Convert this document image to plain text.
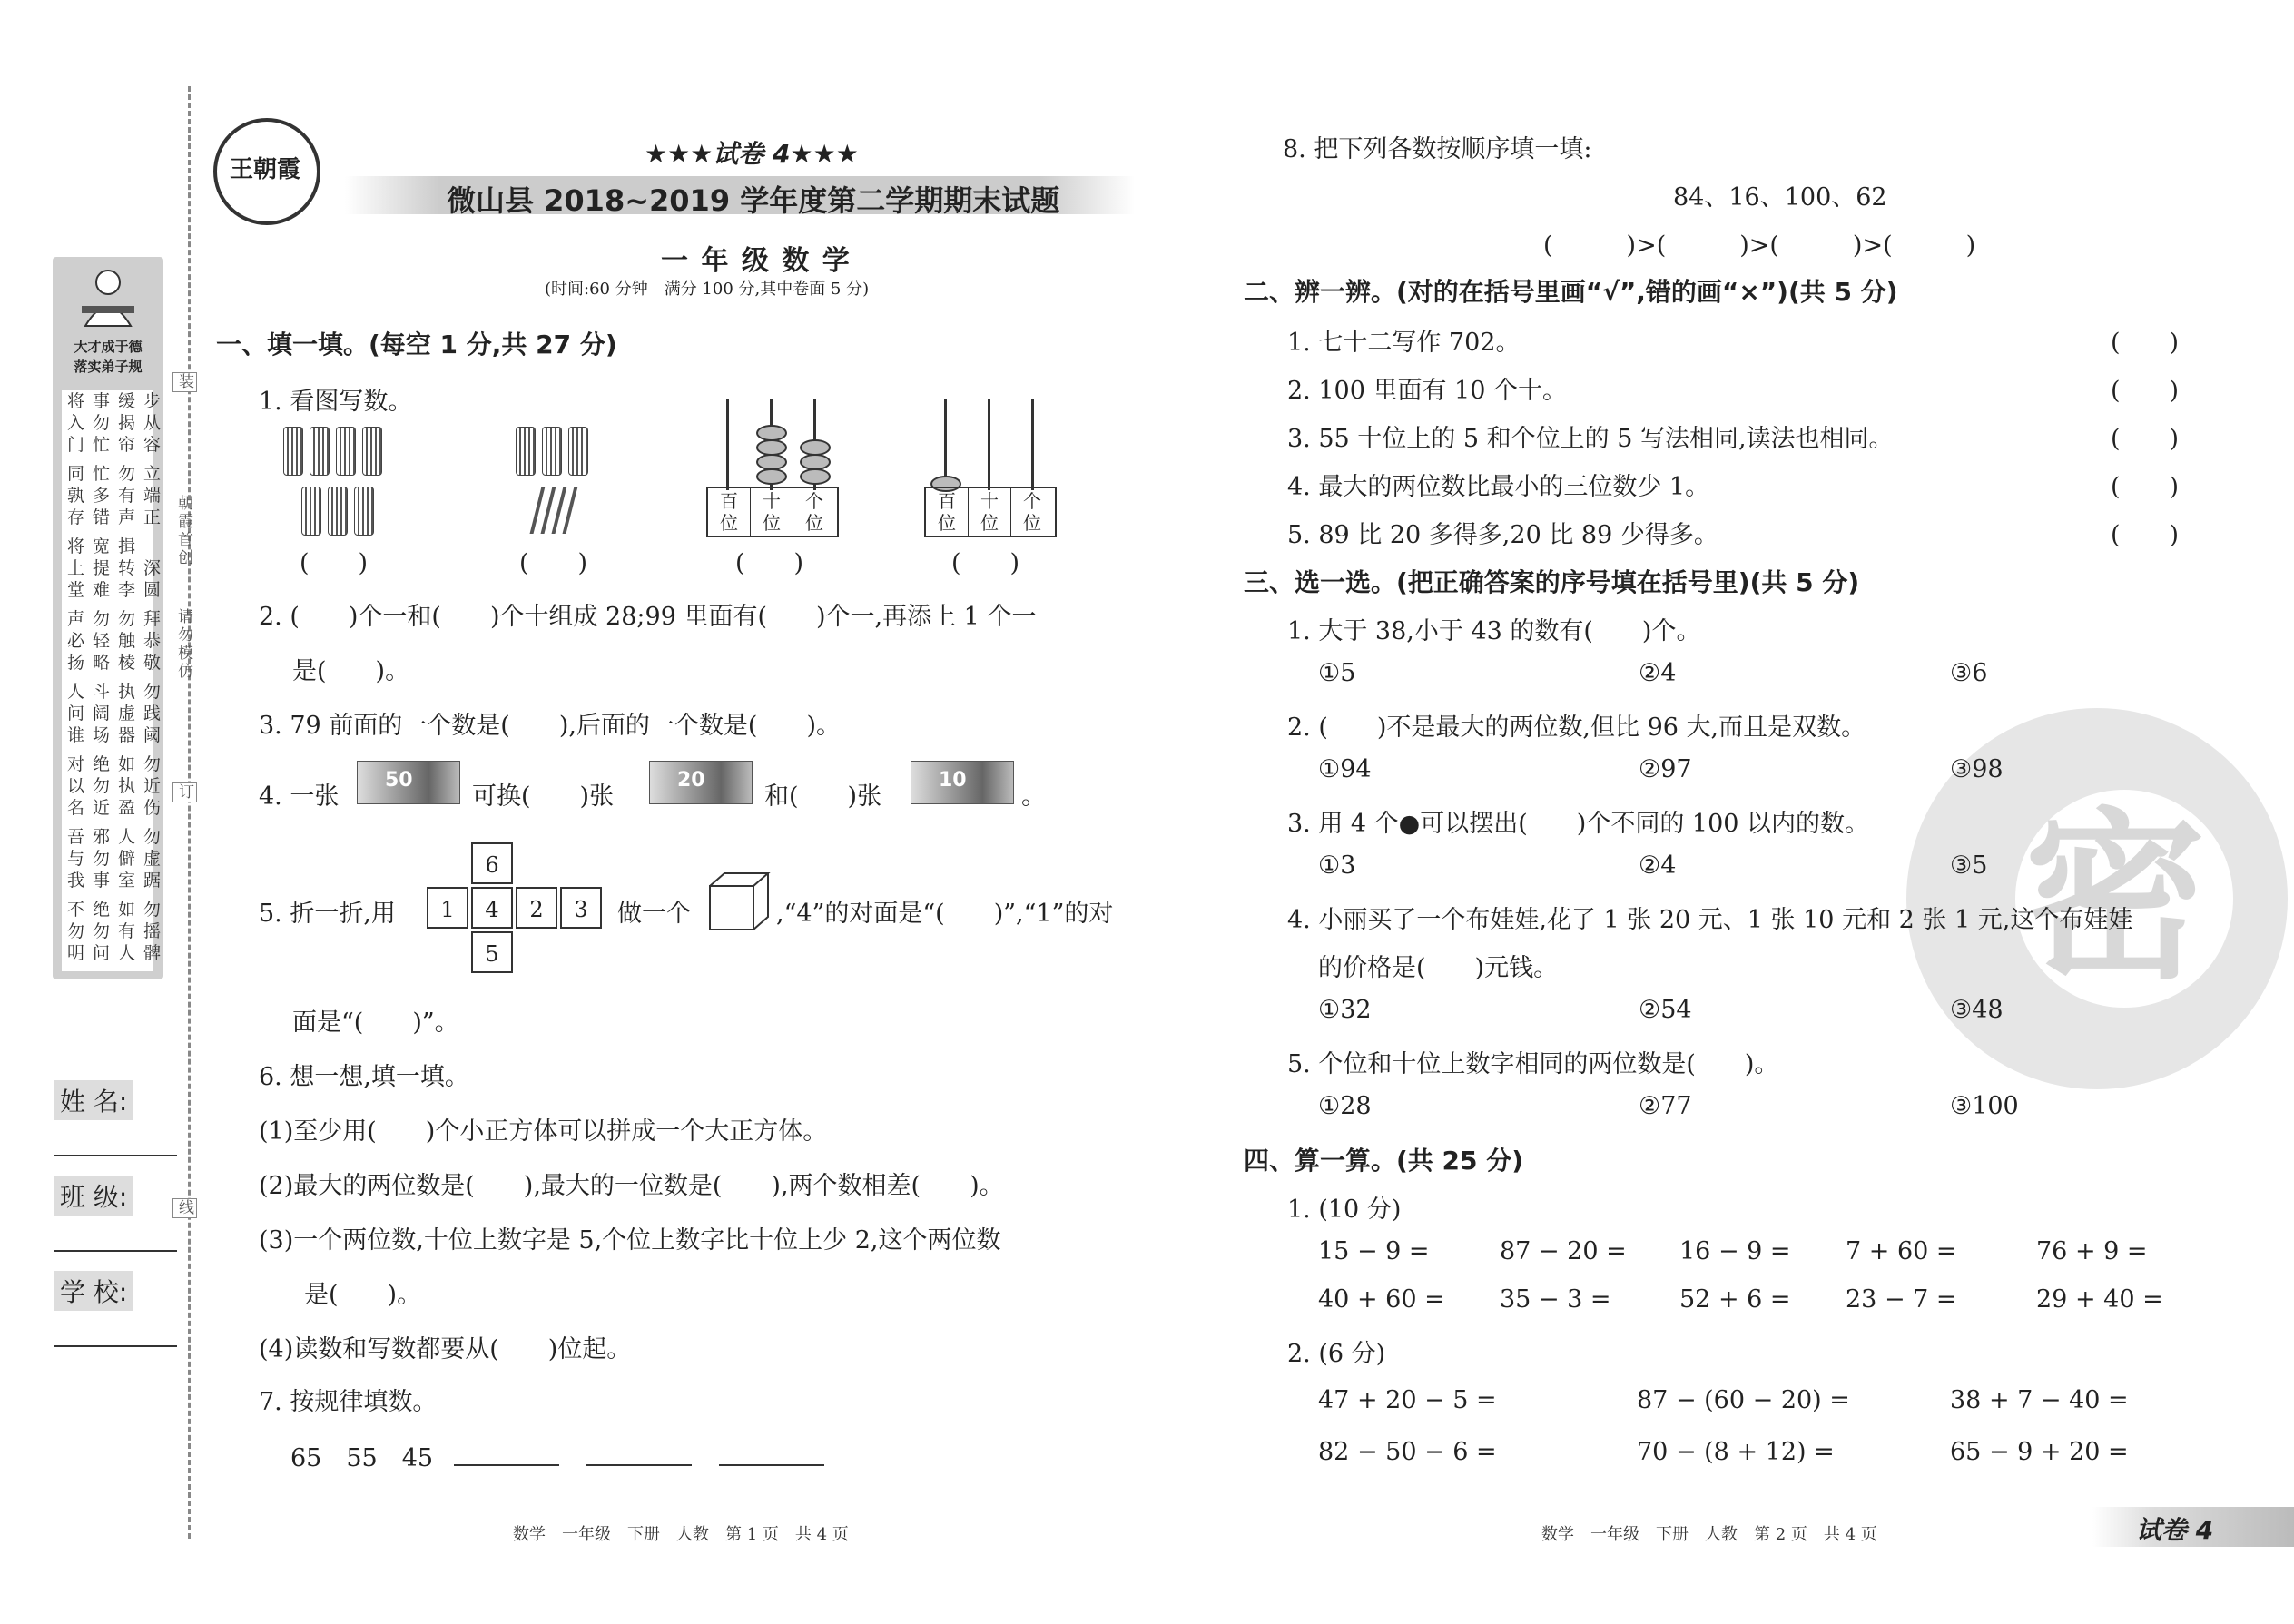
大才成于德
落实弟子规
将事缓步
入勿揭从
门忙帘容
同忙勿立
孰多有端
存错声正
将宽揖
上提转深
堂难李圆
声勿勿拜
必轻触恭
扬略棱敬
人斗执勿
问阔虚践
谁场器阈
对绝如勿
以勿执近
名近盈伤
吾邪人勿
与勿僻虚
我事室踞
不绝如勿
勿勿有摇
明问人髀
装
朝霞首创
请勿模仿
订
线
姓 名:
班 级:
学 校:
王朝霞
★★★试卷 4★★★
微山县 2018~2019 学年度第二学期期末试题
一 年 级 数 学
(时间:60 分钟　满分 100 分,其中卷面 5 分)
一、填一填。(每空 1 分,共 27 分)
1. 看图写数。

百
位
十
位
个
位
百
位
十
位
个
位
(　　)	(　　)	(　　)	(　　)
2. (　　)个一和(　　)个十组成 28;99 里面有(　　)个一,再添上 1 个一
是(　　)。
3. 79 前面的一个数是(　　),后面的一个数是(　　)。
4. 一张
50
可换(　　)张
20
和(　　)张
10
。
5. 折一折,用
6
1	4	2	3
5
做一个	,“4”的对面是“(　　)”,“1”的对
面是“(　　)”。
6. 想一想,填一填。
(1)至少用(　　)个小正方体可以拼成一个大正方体。
(2)最大的两位数是(　　),最大的一位数是(　　),两个数相差(　　)。
(3)一个两位数,十位上数字是 5,个位上数字比十位上少 2,这个两位数
是(　　)。
(4)读数和写数都要从(　　)位起。
7. 按规律填数。
65　55　45
数学　一年级　下册　人教　第 1 页　共 4 页
密
8. 把下列各数按顺序填一填:
84、16、100、62
(　　　)>(　　　)>(　　　)>(　　　)
二、辨一辨。(对的在括号里画“√”,错的画“×”)(共 5 分)
1. 七十二写作 702。	(　　)
2. 100 里面有 10 个十。	(　　)
3. 55 十位上的 5 和个位上的 5 写法相同,读法也相同。	(　　)
4. 最大的两位数比最小的三位数少 1。	(　　)
5. 89 比 20 多得多,20 比 89 少得多。	(　　)
三、选一选。(把正确答案的序号填在括号里)(共 5 分)
1. 大于 38,小于 43 的数有(　　)个。
①5	②4	③6
2. (　　)不是最大的两位数,但比 96 大,而且是双数。
①94	②97	③98
3. 用 4 个●可以摆出(　　)个不同的 100 以内的数。
①3	②4	③5
4. 小丽买了一个布娃娃,花了 1 张 20 元、1 张 10 元和 2 张 1 元,这个布娃娃
的价格是(　　)元钱。
①32	②54	③48
5. 个位和十位上数字相同的两位数是(　　)。
①28	②77	③100
四、算一算。(共 25 分)
1. (10 分)
15 − 9 =	87 − 20 = 16 − 9 = 7 + 60 =	76 + 9 =
40 + 60 = 35 − 3 =	52 + 6 = 23 − 7 =	29 + 40 =
2. (6 分)
47 + 20 − 5 =	87 − (60 − 20) =	38 + 7 − 40 =
82 − 50 − 6 =	70 − (8 + 12) =	65 − 9 + 20 =
数学　一年级　下册　人教　第 2 页　共 4 页	试卷 4
